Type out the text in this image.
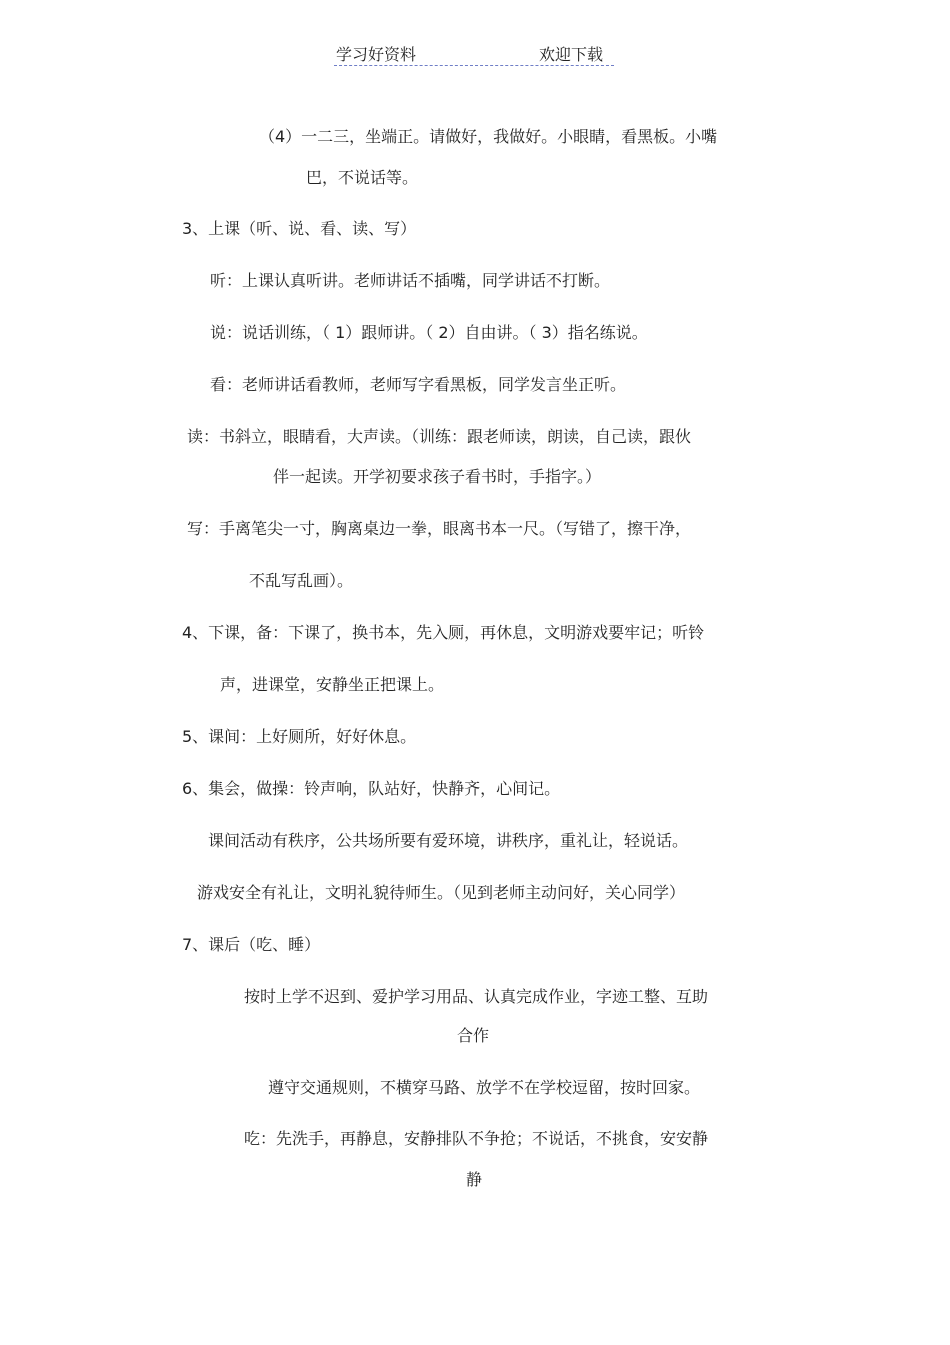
学习好资料	欢迎下载
（4）一二三，坐端正。请做好，我做好。小眼睛，看黑板。小嘴
巴，不说话等。
3、上课（听、说、看、读、写）
听：上课认真听讲。老师讲话不插嘴，同学讲话不打断。
说：说话训练，（ 1）跟师讲。（ 2）自由讲。（ 3）指名练说。
看：老师讲话看教师，老师写字看黑板，同学发言坐正听。
读：书斜立，眼睛看，大声读。（训练：跟老师读，朗读，自己读，跟伙
伴一起读。开学初要求孩子看书时，手指字。）
写：手离笔尖一寸，胸离桌边一拳，眼离书本一尺。（写错了，擦干净，
不乱写乱画）。
4、下课，备：下课了，换书本，先入厕，再休息，文明游戏要牢记；听铃
声，进课堂，安静坐正把课上。
5、课间：上好厕所，好好休息。
6、集会，做操：铃声响，队站好，快静齐，心间记。
课间活动有秩序，公共场所要有爱环境，讲秩序，重礼让，轻说话。
游戏安全有礼让，文明礼貌待师生。（见到老师主动问好，关心同学）
7、课后（吃、睡）
按时上学不迟到、爱护学习用品、认真完成作业，字迹工整、互助
合作
遵守交通规则，不横穿马路、放学不在学校逗留，按时回家。
吃：先洗手，再静息，安静排队不争抢；不说话，不挑食，安安静
静
